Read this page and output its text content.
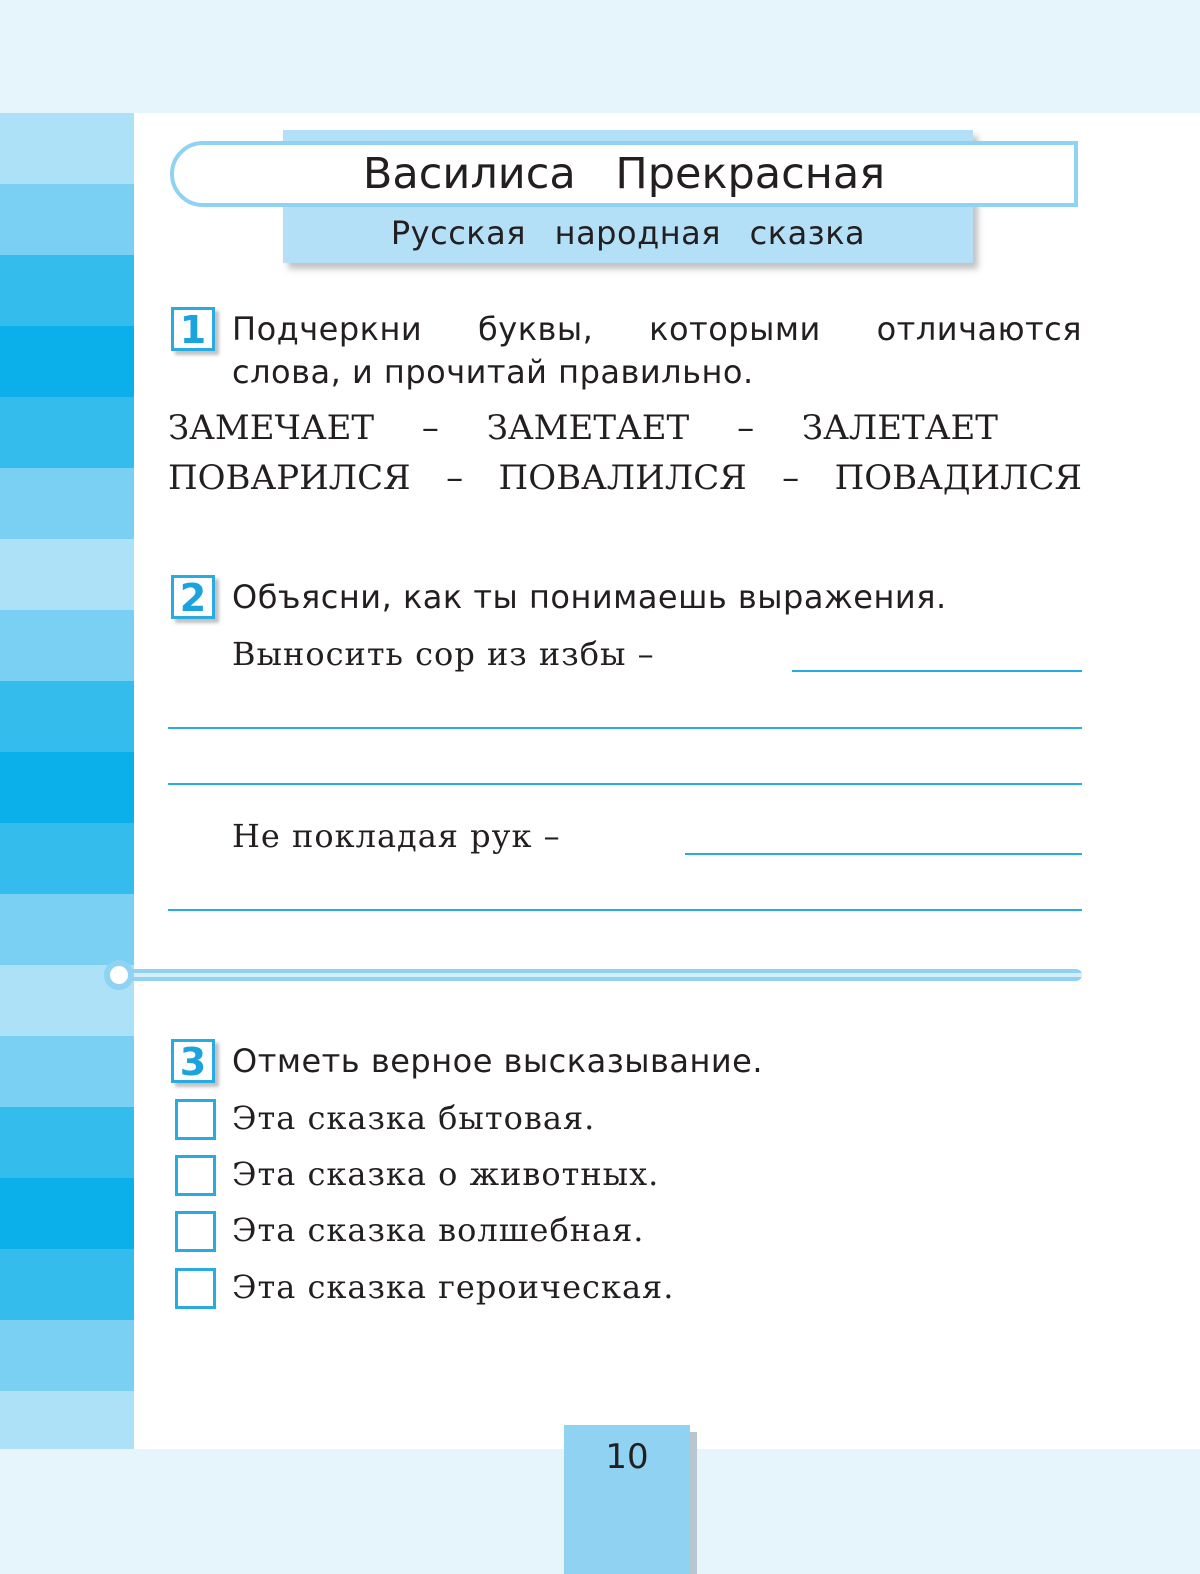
Василиса Прекрасная
Русская народная сказка
1 Подчеркни буквы, которыми отличаются
слова, и прочитай правильно.
ЗАМЕЧАЕТ – ЗАМЕТАЕТ – ЗАЛЕТАЕТ
ПОВАРИЛСЯ – ПОВАЛИЛСЯ – ПОВАДИЛСЯ
2 Объясни, как ты понимаешь выражения.
Выносить сор из избы –
Не покладая рук –
3 Отметь верное высказывание.
Эта сказка бытовая.
Эта сказка о животных.
Эта сказка волшебная.
Эта сказка героическая.
10
